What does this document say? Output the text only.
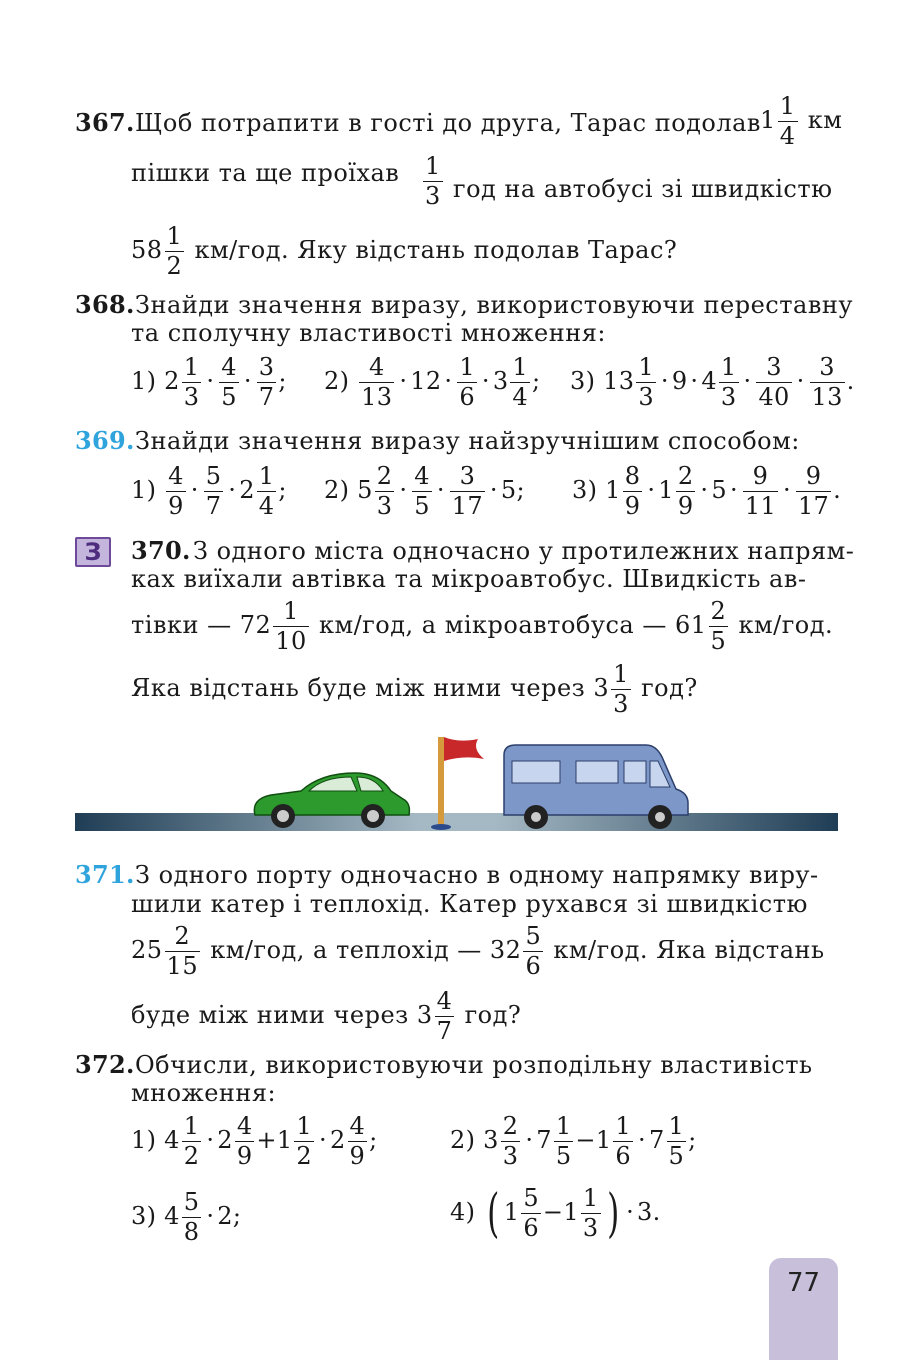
367. Щоб потрапити в гості до друга, Тарас подолав $1 \frac{1}{4}$ км
пішки та ще проїхав $\frac{1}{3}$ год на автобусі зі швидкістю
$58 \frac{1}{2} км/год$. Яку відстань подолав Тарас?
368. Знайди значення виразу, використовуючи переставну
та сполучну властивості множення:
1) $2 \frac{1}{3} \cdot \frac{4}{5} \cdot \frac{3}{7}$ ; $2) \frac{4}{13} \cdot 12 \cdot \frac{1}{6} \cdot 3 \frac{1}{4}$ ; 3) $13 \frac{1}{3} \cdot 9 \cdot 4 \frac{1}{3} \cdot \frac{3}{40} \cdot \frac{3}{13}$ .
369. Знайди значення виразу найзручнішим способом:
$1) \frac{4}{9} \cdot \frac{5}{7} \cdot 2 \frac{1}{4}$ ; 2) $5 \frac{2}{3} \cdot \frac{4}{5} \cdot \frac{3}{17} \cdot 5$; 3) $1 \frac{8}{9} \cdot 1 \frac{2}{9} \cdot 5 \cdot \frac{9}{11} \cdot \frac{9}{17}$ .
З	370. З одного міста одночасно у протилежних напрям-
ках виїхали автівка та мікроавтобус. Швидкість ав-
тівки — $72 \frac{1}{10} км/год$, а мікроавтобуса — $61 \frac{2}{5} км/год$.
Яка відстань буде між ними через $3 \frac{1}{3}$ год?
371. З одного порту одночасно в одному напрямку виру-
шили катер і теплохід. Катер рухався зі швидкістю
$25 \frac{2}{15} км/год$, а теплохід — $32 \frac{5}{6} км/год$. Яка відстань
буде між ними через $3 \frac{4}{7}$ год?
372. Обчисли, використовуючи розподільну властивість
множення:
1) $4 \frac{1}{2} \cdot 2 \frac{4}{9} +1 \frac{1}{2} \cdot 2 \frac{4}{9}$ ;	2) $3 \frac{2}{3} \cdot 7 \frac{1}{5} -1 \frac{1}{6} \cdot 7 \frac{1}{5}$ ;
3) $4 \frac{5}{8} \cdot 2$;	4) ( $1 \frac{5}{6} -1 \frac{1}{3}$ ) · 3.
77
